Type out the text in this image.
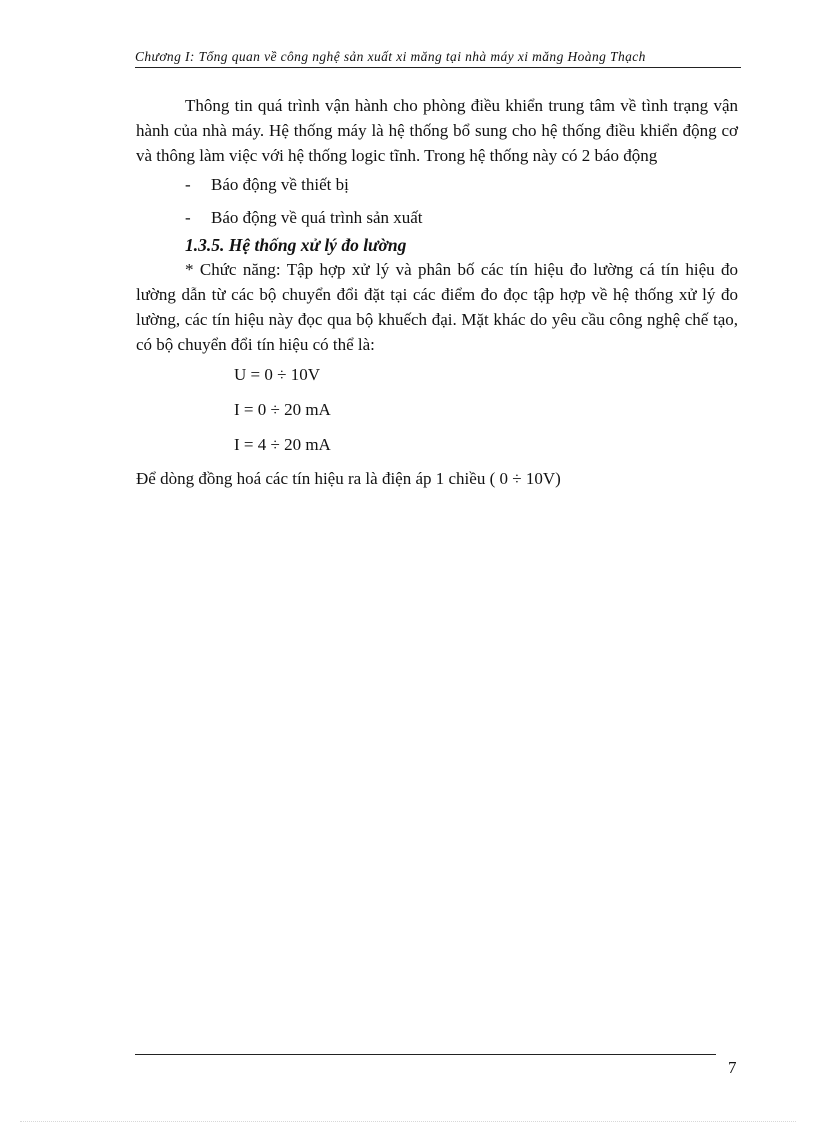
Chương I: Tổng quan về công nghệ sản xuất xi măng tại nhà máy xi măng Hoàng Thạch

Thông tin quá trình vận hành cho phòng điều khiển trung tâm về tình trạng vận hành của nhà máy. Hệ thống máy là hệ thống bổ sung cho hệ thống điều khiển động cơ và thông làm việc với hệ thống logic tĩnh. Trong hệ thống này có 2 báo động

- Báo động về thiết bị
- Báo động về quá trình sản xuất

1.3.5. Hệ thống xử lý đo lường

* Chức năng: Tập hợp xử lý và phân bố các tín hiệu đo lường cá tín hiệu đo lường dẫn từ các bộ chuyển đổi đặt tại các điểm đo đọc tập hợp về hệ thống xử lý đo lường, các tín hiệu này đọc qua bộ khuếch đại. Mặt khác do yêu cầu công nghệ chế tạo, có bộ chuyển đổi tín hiệu có thể là:

U = 0 ÷ 10V

I = 0 ÷ 20 mA

I = 4 ÷ 20 mA

Để dòng đồng hoá các tín hiệu ra là điện áp 1 chiều ( 0 ÷ 10V)

7
